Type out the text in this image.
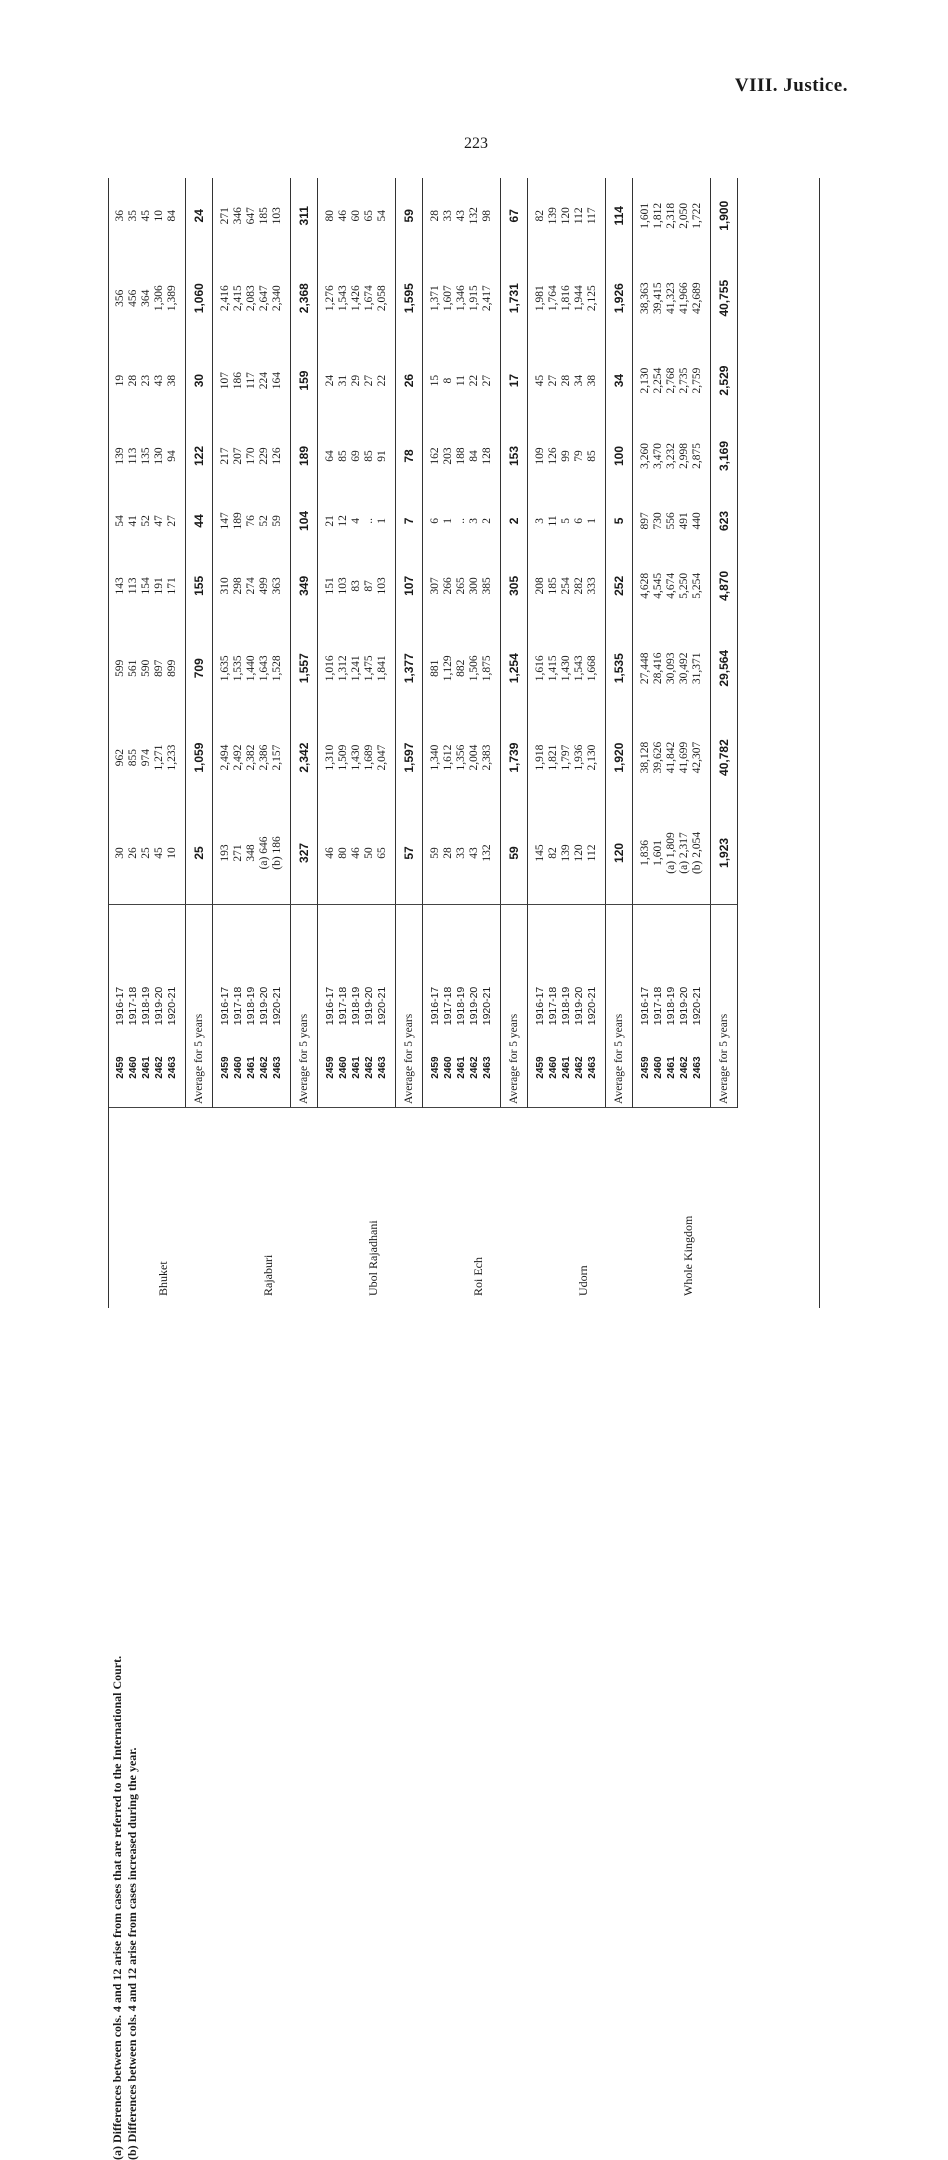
VIII. Justice.
223
Bhuket	2459	1916-17	30	962	599	143	54	139	19	356	36
	2460	1917-18	26	855	561	113	41	113	28	456	35
	2461	1918-19	25	974	590	154	52	135	23	364	45
	2462	1919-20	45	1,271	897	191	47	130	43	1,306	10
	2463	1920-21	10	1,233	899	171	27	94	38	1,389	84
	Average for 5 years		25	1,059	709	155	44	122	30	1,060	24
Rajaburi	2459	1916-17	193	2,494	1,635	310	147	217	107	2,416	271
	2460	1917-18	271	2,492	1,535	298	189	207	186	2,415	346
	2461	1918-19	348	2,382	1,440	274	76	170	117	2,083	647
	2462	1919-20	(a) 646	2,386	1,643	499	52	229	224	2,647	185
	2463	1920-21	(b) 186	2,157	1,528	363	59	126	164	2,340	103
	Average for 5 years		327	2,342	1,557	349	104	189	159	2,368	311
Ubol Rajadhani	2459	1916-17	46	1,310	1,016	151	21	64	24	1,276	80
	2460	1917-18	80	1,509	1,312	103	12	85	31	1,543	46
	2461	1918-19	46	1,430	1,241	83	4	69	29	1,426	60
	2462	1919-20	50	1,689	1,475	87	..	85	27	1,674	65
	2463	1920-21	65	2,047	1,841	103	1	91	22	2,058	54
	Average for 5 years		57	1,597	1,377	107	7	78	26	1,595	59
Roi Ech	2459	1916-17	59	1,340	881	307	6	162	15	1,371	28
	2460	1917-18	28	1,612	1,129	266	1	203	8	1,607	33
	2461	1918-19	33	1,356	882	265	..	188	11	1,346	43
	2462	1919-20	43	2,004	1,506	300	3	84	22	1,915	132
	2463	1920-21	132	2,383	1,875	385	2	128	27	2,417	98
	Average for 5 years		59	1,739	1,254	305	2	153	17	1,731	67
Udorn	2459	1916-17	145	1,918	1,616	208	3	109	45	1,981	82
	2460	1917-18	82	1,821	1,415	185	11	126	27	1,764	139
	2461	1918-19	139	1,797	1,430	254	5	99	28	1,816	120
	2462	1919-20	120	1,936	1,543	282	6	79	34	1,944	112
	2463	1920-21	112	2,130	1,668	333	1	85	38	2,125	117
	Average for 5 years		120	1,920	1,535	252	5	100	34	1,926	114
Whole Kingdom	2459	1916-17	1,836	38,128	27,448	4,628	897	3,260	2,130	38,363	1,601
	2460	1917-18	1,601	39,626	28,416	4,545	730	3,470	2,254	39,415	1,812
	2461	1918-19	(a) 1,809	41,842	30,093	4,674	556	3,232	2,768	41,323	2,318
	2462	1919-20	(a) 2,317	41,699	30,492	5,250	491	2,998	2,735	41,966	2,050
	2463	1920-21	(b) 2,054	42,307	31,371	5,254	440	2,875	2,759	42,689	1,722
	Average for 5 years		1,923	40,782	29,564	4,870	623	3,169	2,529	40,755	1,900
(a) Differences between cols. 4 and 12 arise from cases that are referred to the International Court. (b) Differences between cols. 4 and 12 arise from cases increased during the year.
